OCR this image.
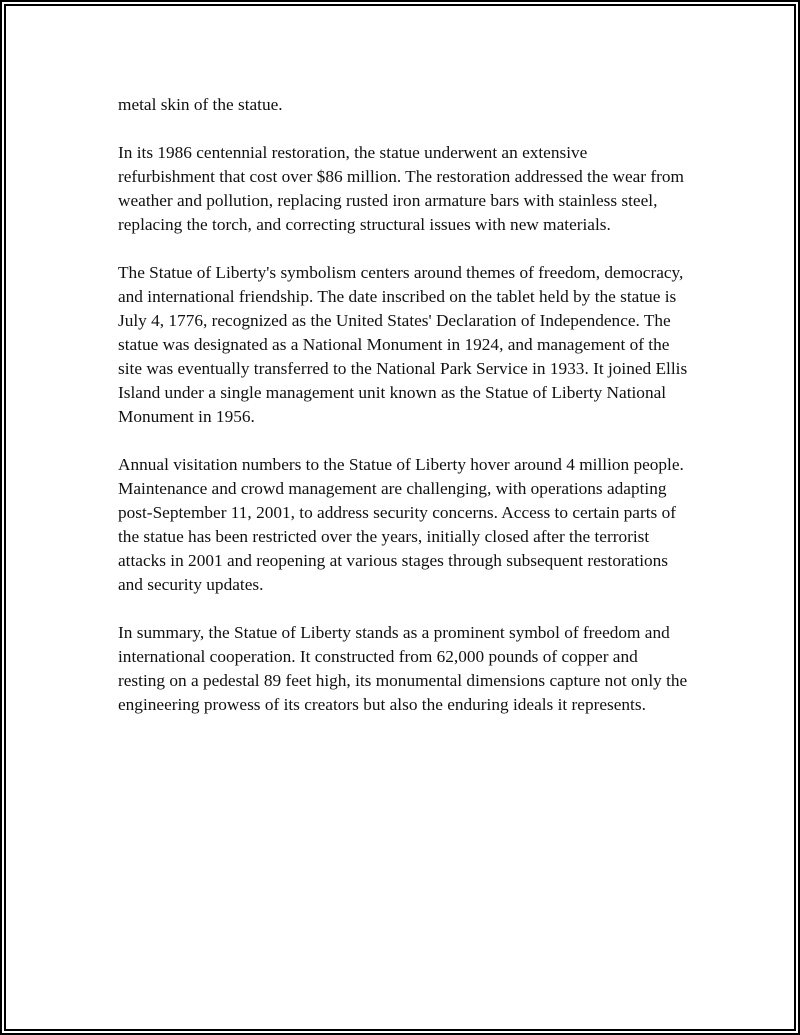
metal skin of the statue.

In its 1986 centennial restoration, the statue underwent an extensive refurbishment that cost over $86 million. The restoration addressed the wear from weather and pollution, replacing rusted iron armature bars with stainless steel, replacing the torch, and correcting structural issues with new materials.

The Statue of Liberty's symbolism centers around themes of freedom, democracy, and international friendship. The date inscribed on the tablet held by the statue is July 4, 1776, recognized as the United States' Declaration of Independence. The statue was designated as a National Monument in 1924, and management of the site was eventually transferred to the National Park Service in 1933. It joined Ellis Island under a single management unit known as the Statue of Liberty National Monument in 1956.

Annual visitation numbers to the Statue of Liberty hover around 4 million people. Maintenance and crowd management are challenging, with operations adapting post-September 11, 2001, to address security concerns. Access to certain parts of the statue has been restricted over the years, initially closed after the terrorist attacks in 2001 and reopening at various stages through subsequent restorations and security updates.

In summary, the Statue of Liberty stands as a prominent symbol of freedom and international cooperation. It constructed from 62,000 pounds of copper and resting on a pedestal 89 feet high, its monumental dimensions capture not only the engineering prowess of its creators but also the enduring ideals it represents.
